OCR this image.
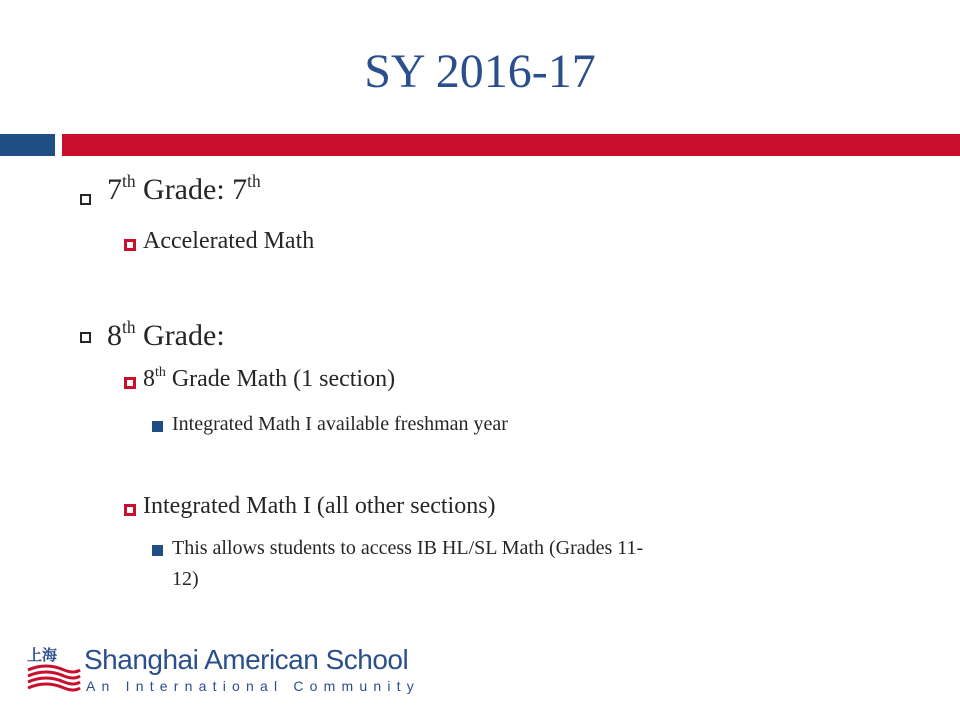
SY 2016-17
7th Grade: 7th
Accelerated Math
8th Grade:
8th Grade Math (1 section)
Integrated Math I available freshman year
Integrated Math I (all other sections)
This allows students to access IB HL/SL Math (Grades 11-
12)
上海 Shanghai American School
An International Community
